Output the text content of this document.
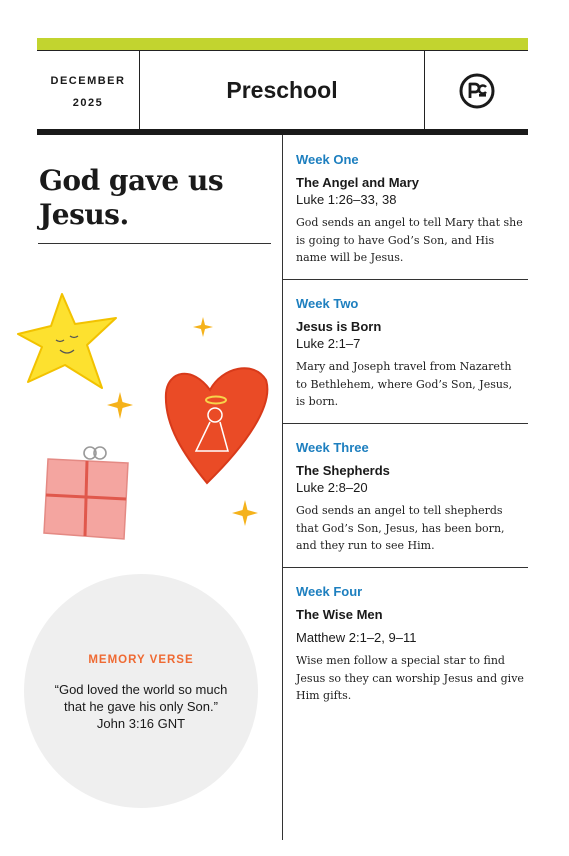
DECEMBER
2025	Preschool
God gave us Jesus.
MEMORY VERSE
“God loved the world so much that he gave his only Son.”
John 3:16 GNT
Week One
The Angel and Mary
Luke 1:26–33, 38
God sends an angel to tell Mary that she is going to have God’s Son, and His name will be Jesus.
Week Two
Jesus is Born
Luke 2:1–7
Mary and Joseph travel from Nazareth to Bethlehem, where God’s Son, Jesus, is born.
Week Three
The Shepherds
Luke 2:8–20
God sends an angel to tell shepherds that God’s Son, Jesus, has been born, and they run to see Him.
Week Four
The Wise Men
Matthew 2:1–2, 9–11
Wise men follow a special star to find Jesus so they can worship Jesus and give Him gifts.
